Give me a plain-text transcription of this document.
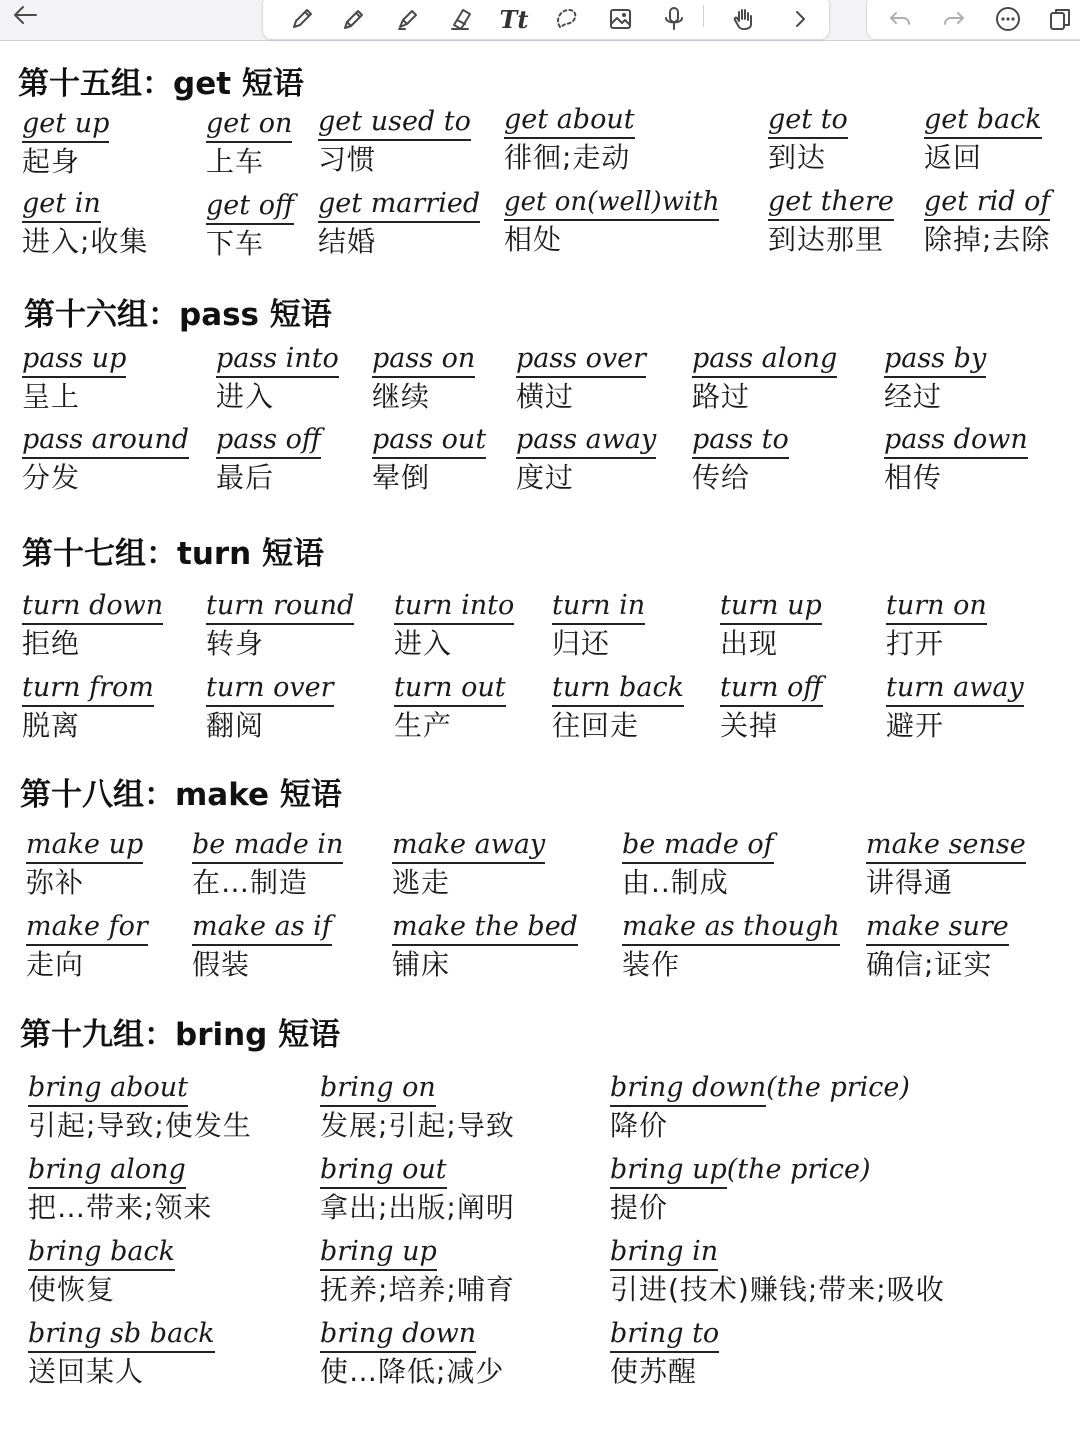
Tt
第十五组：get 短语
第十六组：pass 短语
第十七组：turn 短语
第十八组：make 短语
第十九组：bring 短语
get up
起身
get on
上车
get used to
习惯
get about
徘徊;走动
get to
到达
get back
返回
get in
进入;收集
get off
下车
get married
结婚
get on(well)with
相处
get there
到达那里
get rid of
除掉;去除
pass up
呈上
pass into
进入
pass on
继续
pass over
横过
pass along
路过
pass by
经过
pass around
分发
pass off
最后
pass out
晕倒
pass away
度过
pass to
传给
pass down
相传
turn down
拒绝
turn round
转身
turn into
进入
turn in
归还
turn up
出现
turn on
打开
turn from
脱离
turn over
翻阅
turn out
生产
turn back
往回走
turn off
关掉
turn away
避开
make up
弥补
be made in
在…制造
make away
逃走
be made of
由..制成
make sense
讲得通
make for
走向
make as if
假装
make the bed
铺床
make as though
装作
make sure
确信;证实
bring about
引起;导致;使发生
bring on
发展;引起;导致
bring down(the price)
降价
bring along
把…带来;领来
bring out
拿出;出版;阐明
bring up(the price)
提价
bring back
使恢复
bring up
抚养;培养;哺育
bring in
引进(技术)赚钱;带来;吸收
bring sb back
送回某人
bring down
使…降低;减少
bring to
使苏醒
